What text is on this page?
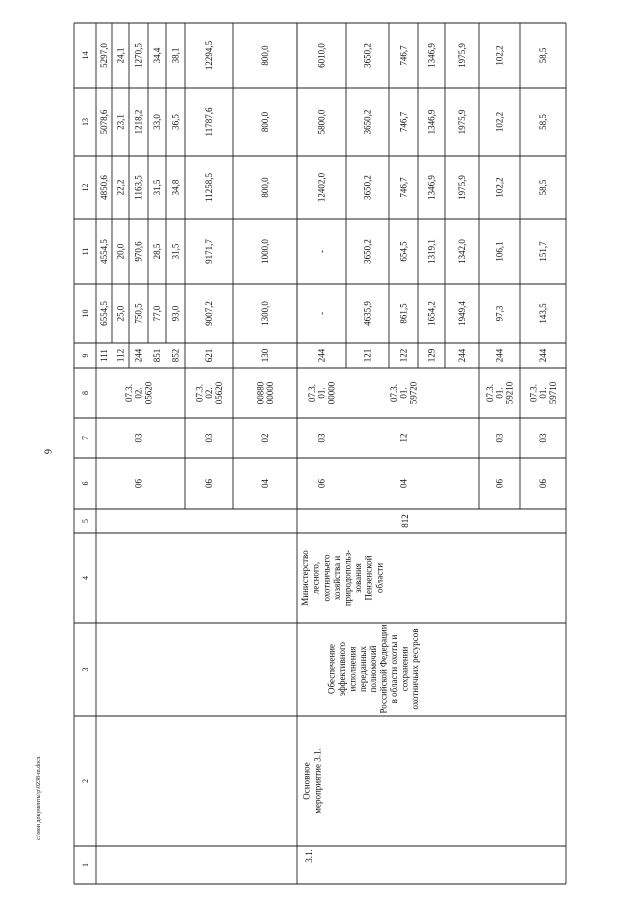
6
c:\мои документы\р\0238-m.docx
1
2
3
4
5
6
7
8
9
10
11
12
13
14
3.1.
Основное мероприятие 3.1.
Обеспечение эффективного исполнения переданных полномочий Российской Федерации в области охоты и сохранении охотничьих ресурсов
Министерство лесного, охотничьего хозяйства и природопольз- зования Пензенской области
812
111
6554,5
4554,5
4850,6
5078,6
5297,0
112
25,0
20,0
22,2
23,1
24,1
06
03
07.3. 02. 05620
244
750,5
970,6
1163,5
1218,2
1270,5
851
77,0
28,5
31,5
33,0
34,4
852
93,0
31,5
34,8
36,5
38,1
06
03
07.3. 02. 05620
621
9007,2
9171,7
11258,5
11787,6
12294,5
04
02
00880 00000
130
1300,0
1000,0
800,0
800,0
800,0
06
03
07.3. 01. 00000
244
-
-
12402,0
5800,0
6010,0
121
4635,9
3650,2
3650,2
3650,2
3650,2
04
12
07.3. 01. 59720
122
861,5
654,5
746,7
746,7
746,7
129
1654,2
1319,1
1346,9
1346,9
1346,9
244
1949,4
1342,0
1975,9
1975,9
1975,9
06
03
07.3. 01. 59210
244
97,3
106,1
102,2
102,2
102,2
06
03
07.3. 01. 59710
244
143,5
151,7
58,5
58,5
58,5
